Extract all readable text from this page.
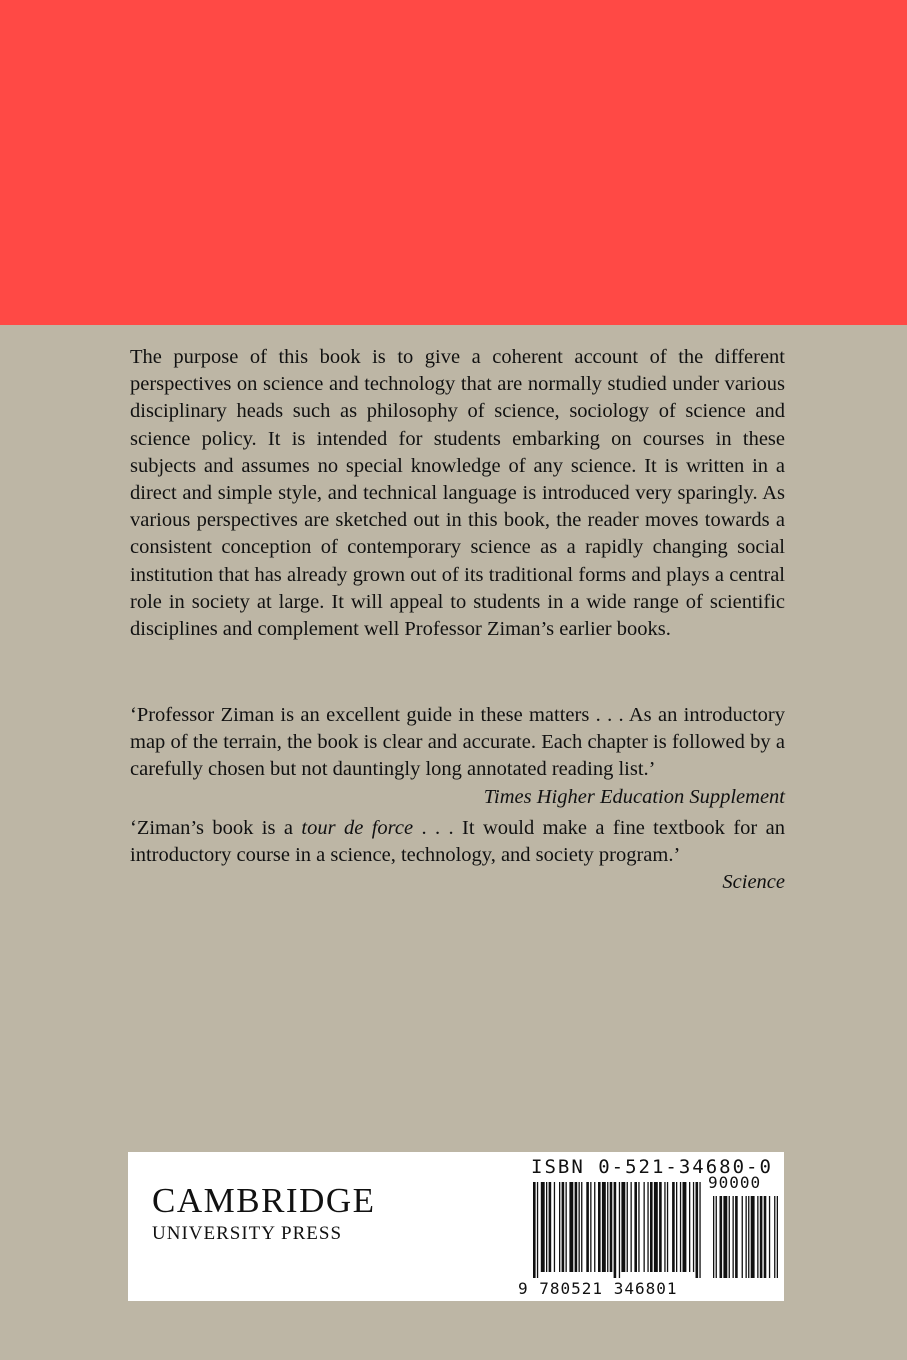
The purpose of this book is to give a coherent account of the different perspectives on science and technology that are normally studied under various disciplinary heads such as philosophy of science, sociology of science and science policy. It is intended for students embarking on courses in these subjects and assumes no special knowledge of any science. It is written in a direct and simple style, and technical language is introduced very sparingly. As various perspectives are sketched out in this book, the reader moves towards a consistent conception of contemporary science as a rapidly changing social institution that has already grown out of its traditional forms and plays a central role in society at large. It will appeal to students in a wide range of scientific disciplines and complement well Professor Ziman’s earlier books.

‘Professor Ziman is an excellent guide in these matters . . . As an introductory map of the terrain, the book is clear and accurate. Each chapter is followed by a carefully chosen but not dauntingly long annotated reading list.’
Times Higher Education Supplement

‘Ziman’s book is a tour de force . . . It would make a fine textbook for an introductory course in a science, technology, and society program.’
Science

CAMBRIDGE
UNIVERSITY PRESS
ISBN 0-521-34680-0
90000
9 780521 346801
